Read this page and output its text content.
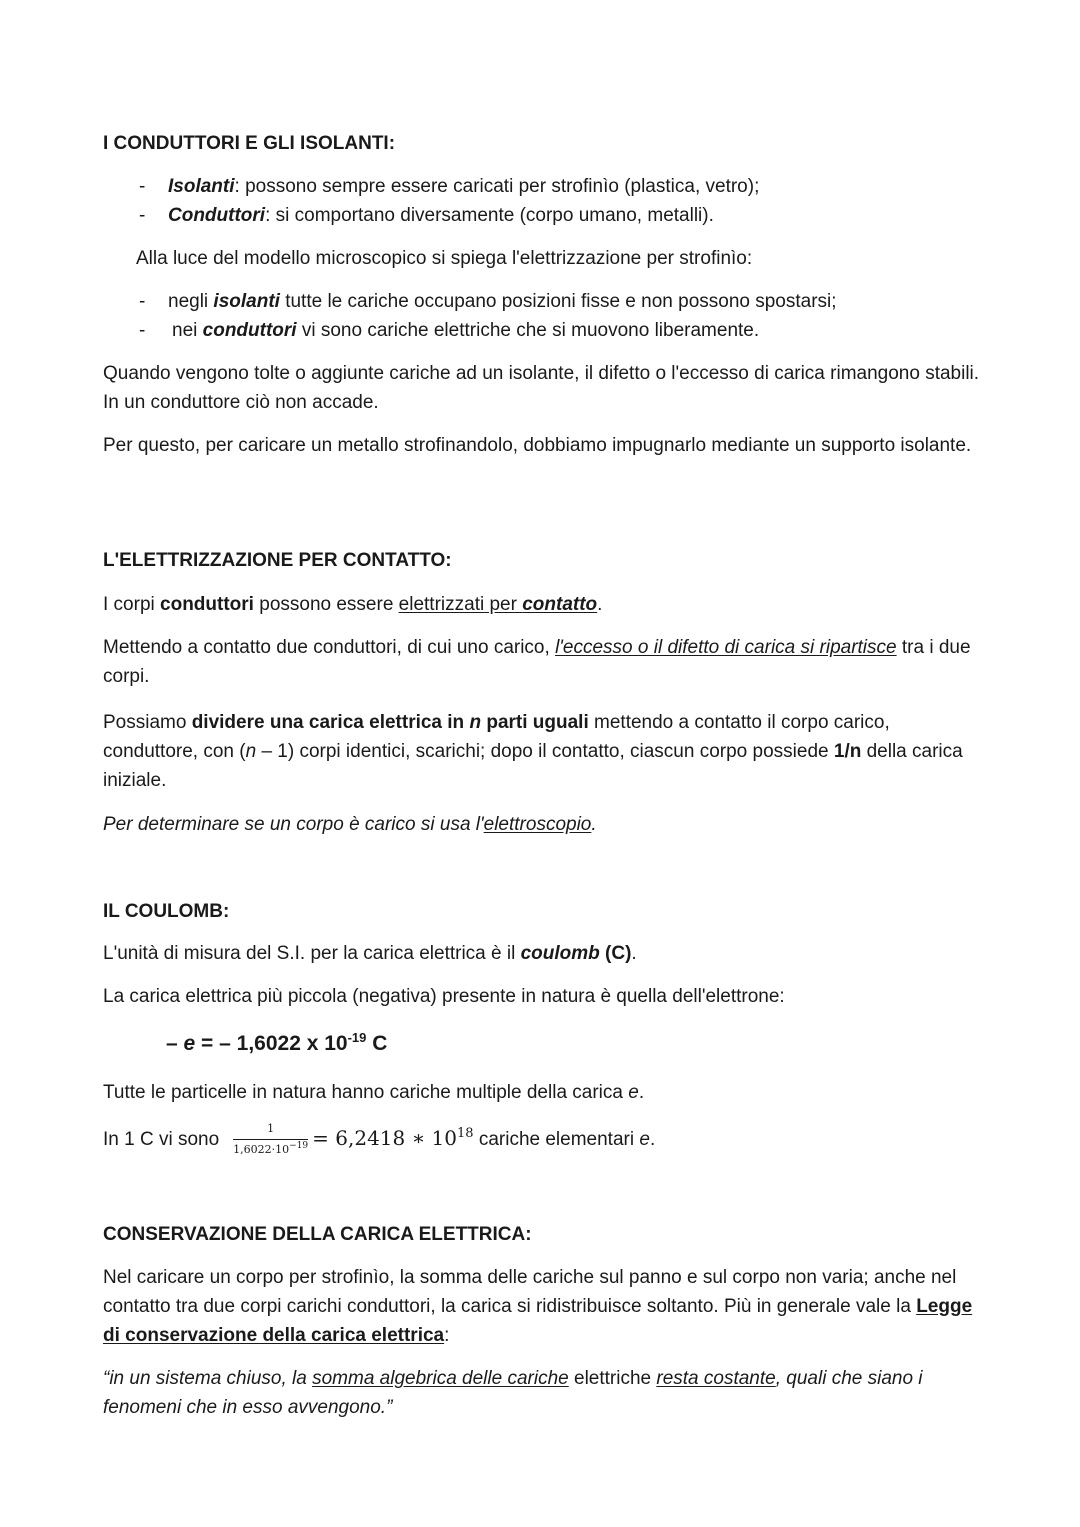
I CONDUTTORI E GLI ISOLANTI:
- Isolanti: possono sempre essere caricati per strofinìo (plastica, vetro);
- Conduttori: si comportano diversamente (corpo umano, metalli).

Alla luce del modello microscopico si spiega l'elettrizzazione per strofinìo:

- negli isolanti tutte le cariche occupano posizioni fisse e non possono spostarsi;
- nei conduttori vi sono cariche elettriche che si muovono liberamente.

Quando vengono tolte o aggiunte cariche ad un isolante, il difetto o l'eccesso di carica rimangono stabili. In un conduttore ciò non accade.

Per questo, per caricare un metallo strofinandolo, dobbiamo impugnarlo mediante un supporto isolante.

L'ELETTRIZZAZIONE PER CONTATTO:

I corpi conduttori possono essere elettrizzati per contatto.

Mettendo a contatto due conduttori, di cui uno carico, l'eccesso o il difetto di carica si ripartisce tra i due corpi.

Possiamo dividere una carica elettrica in n parti uguali mettendo a contatto il corpo carico, conduttore, con (n – 1) corpi identici, scarichi; dopo il contatto, ciascun corpo possiede 1/n della carica iniziale.

Per determinare se un corpo è carico si usa l'elettroscopio.

IL COULOMB:

L'unità di misura del S.I. per la carica elettrica è il coulomb (C).

La carica elettrica più piccola (negativa) presente in natura è quella dell'elettrone:

– e = – 1,6022 x $10^{-19}$ C

Tutte le particelle in natura hanno cariche multiple della carica e.

In 1 C vi sono $\frac{1}{1,6022\cdot 10^{-19}} = 6,2418$ ∗ $10^{18}$ cariche elementari e.
CONSERVAZIONE DELLA CARICA ELETTRICA:

Nel caricare un corpo per strofinìo, la somma delle cariche sul panno e sul corpo non varia; anche nel contatto tra due corpi carichi conduttori, la carica si ridistribuisce soltanto. Più in generale vale la Legge di conservazione della carica elettrica:

“in un sistema chiuso, la somma algebrica delle cariche elettriche resta costante, quali che siano i fenomeni che in esso avvengono.”
